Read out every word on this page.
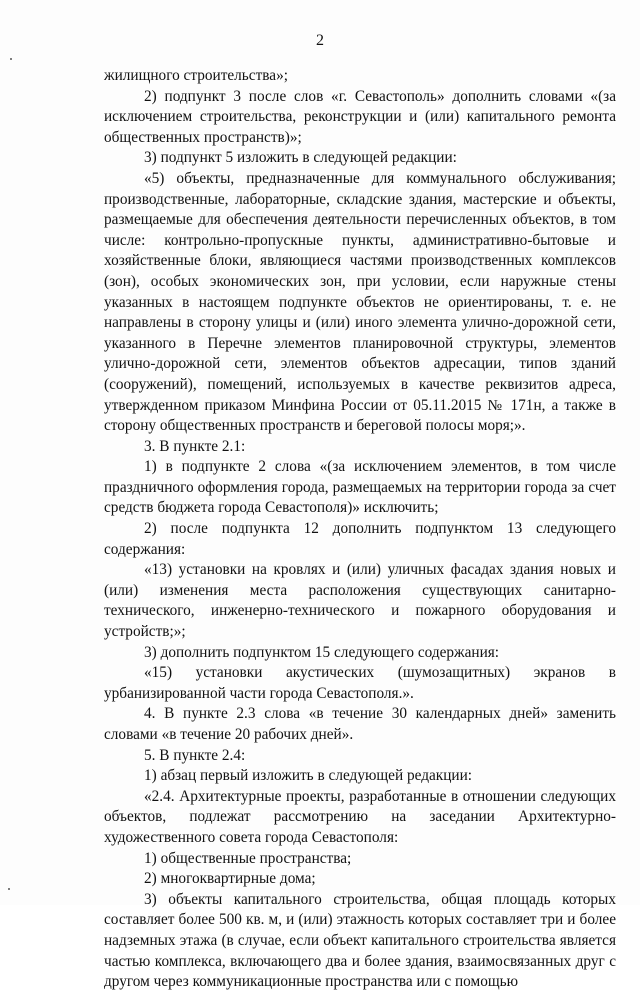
2

жилищного строительства»;

2) подпункт 3 после слов «г. Севастополь» дополнить словами «(за исключением строительства, реконструкции и (или) капитального ремонта общественных пространств)»;

3) подпункт 5 изложить в следующей редакции:

«5) объекты, предназначенные для коммунального обслуживания; производственные, лабораторные, складские здания, мастерские и объекты, размещаемые для обеспечения деятельности перечисленных объектов, в том числе: контрольно-пропускные пункты, административно-бытовые и хозяйственные блоки, являющиеся частями производственных комплексов (зон), особых экономических зон, при условии, если наружные стены указанных в настоящем подпункте объектов не ориентированы, т. е. не направлены в сторону улицы и (или) иного элемента улично-дорожной сети, указанного в Перечне элементов планировочной структуры, элементов улично-дорожной сети, элементов объектов адресации, типов зданий (сооружений), помещений, используемых в качестве реквизитов адреса, утвержденном приказом Минфина России от 05.11.2015 № 171н, а также в сторону общественных пространств и береговой полосы моря;».

3. В пункте 2.1:

1) в подпункте 2 слова «(за исключением элементов, в том числе праздничного оформления города, размещаемых на территории города за счет средств бюджета города Севастополя)» исключить;

2) после подпункта 12 дополнить подпунктом 13 следующего содержания:

«13) установки на кровлях и (или) уличных фасадах здания новых и (или) изменения места расположения существующих санитарно-технического, инженерно-технического и пожарного оборудования и устройств;»;

3) дополнить подпунктом 15 следующего содержания:

«15) установки акустических (шумозащитных) экранов в урбанизированной части города Севастополя.».

4. В пункте 2.3 слова «в течение 30 календарных дней» заменить словами «в течение 20 рабочих дней».

5. В пункте 2.4:

1) абзац первый изложить в следующей редакции:

«2.4. Архитектурные проекты, разработанные в отношении следующих объектов, подлежат рассмотрению на заседании Архитектурно-художественного совета города Севастополя:

1) общественные пространства;

2) многоквартирные дома;

3) объекты капитального строительства, общая площадь которых составляет более 500 кв. м, и (или) этажность которых составляет три и более надземных этажа (в случае, если объект капитального строительства является частью комплекса, включающего два и более здания, взаимосвязанных друг с другом через коммуникационные пространства или с помощью
